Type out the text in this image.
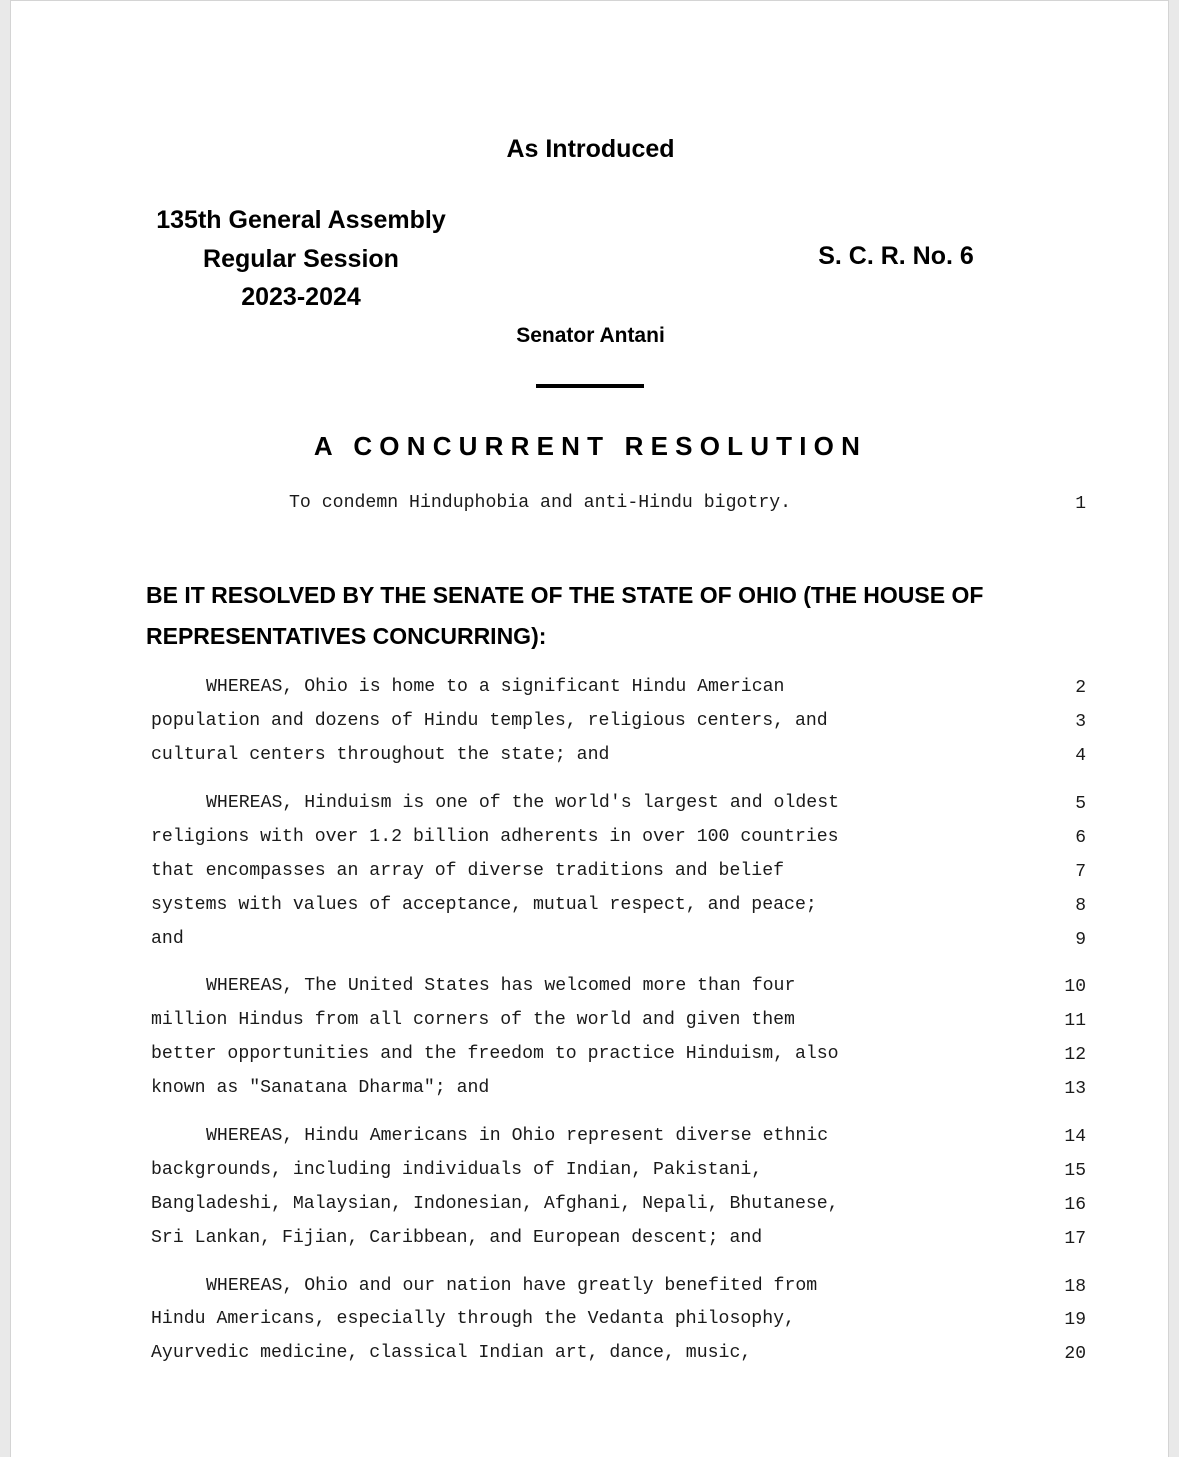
As Introduced
135th General Assembly
Regular Session
2023-2024
S. C. R. No. 6
Senator Antani
A CONCURRENT RESOLUTION
To condemn Hinduphobia and anti-Hindu bigotry.	1
BE IT RESOLVED BY THE SENATE OF THE STATE OF OHIO (THE HOUSE OF
REPRESENTATIVES CONCURRING):
WHEREAS, Ohio is home to a significant Hindu American	2
population and dozens of Hindu temples, religious centers, and	3
cultural centers throughout the state; and	4
WHEREAS, Hinduism is one of the world's largest and oldest	5
religions with over 1.2 billion adherents in over 100 countries	6
that encompasses an array of diverse traditions and belief	7
systems with values of acceptance, mutual respect, and peace;	8
and	9
WHEREAS, The United States has welcomed more than four	10
million Hindus from all corners of the world and given them	11
better opportunities and the freedom to practice Hinduism, also	12
known as "Sanatana Dharma"; and	13
WHEREAS, Hindu Americans in Ohio represent diverse ethnic	14
backgrounds, including individuals of Indian, Pakistani,	15
Bangladeshi, Malaysian, Indonesian, Afghani, Nepali, Bhutanese,	16
Sri Lankan, Fijian, Caribbean, and European descent; and	17
WHEREAS, Ohio and our nation have greatly benefited from	18
Hindu Americans, especially through the Vedanta philosophy,	19
Ayurvedic medicine, classical Indian art, dance, music,	20
